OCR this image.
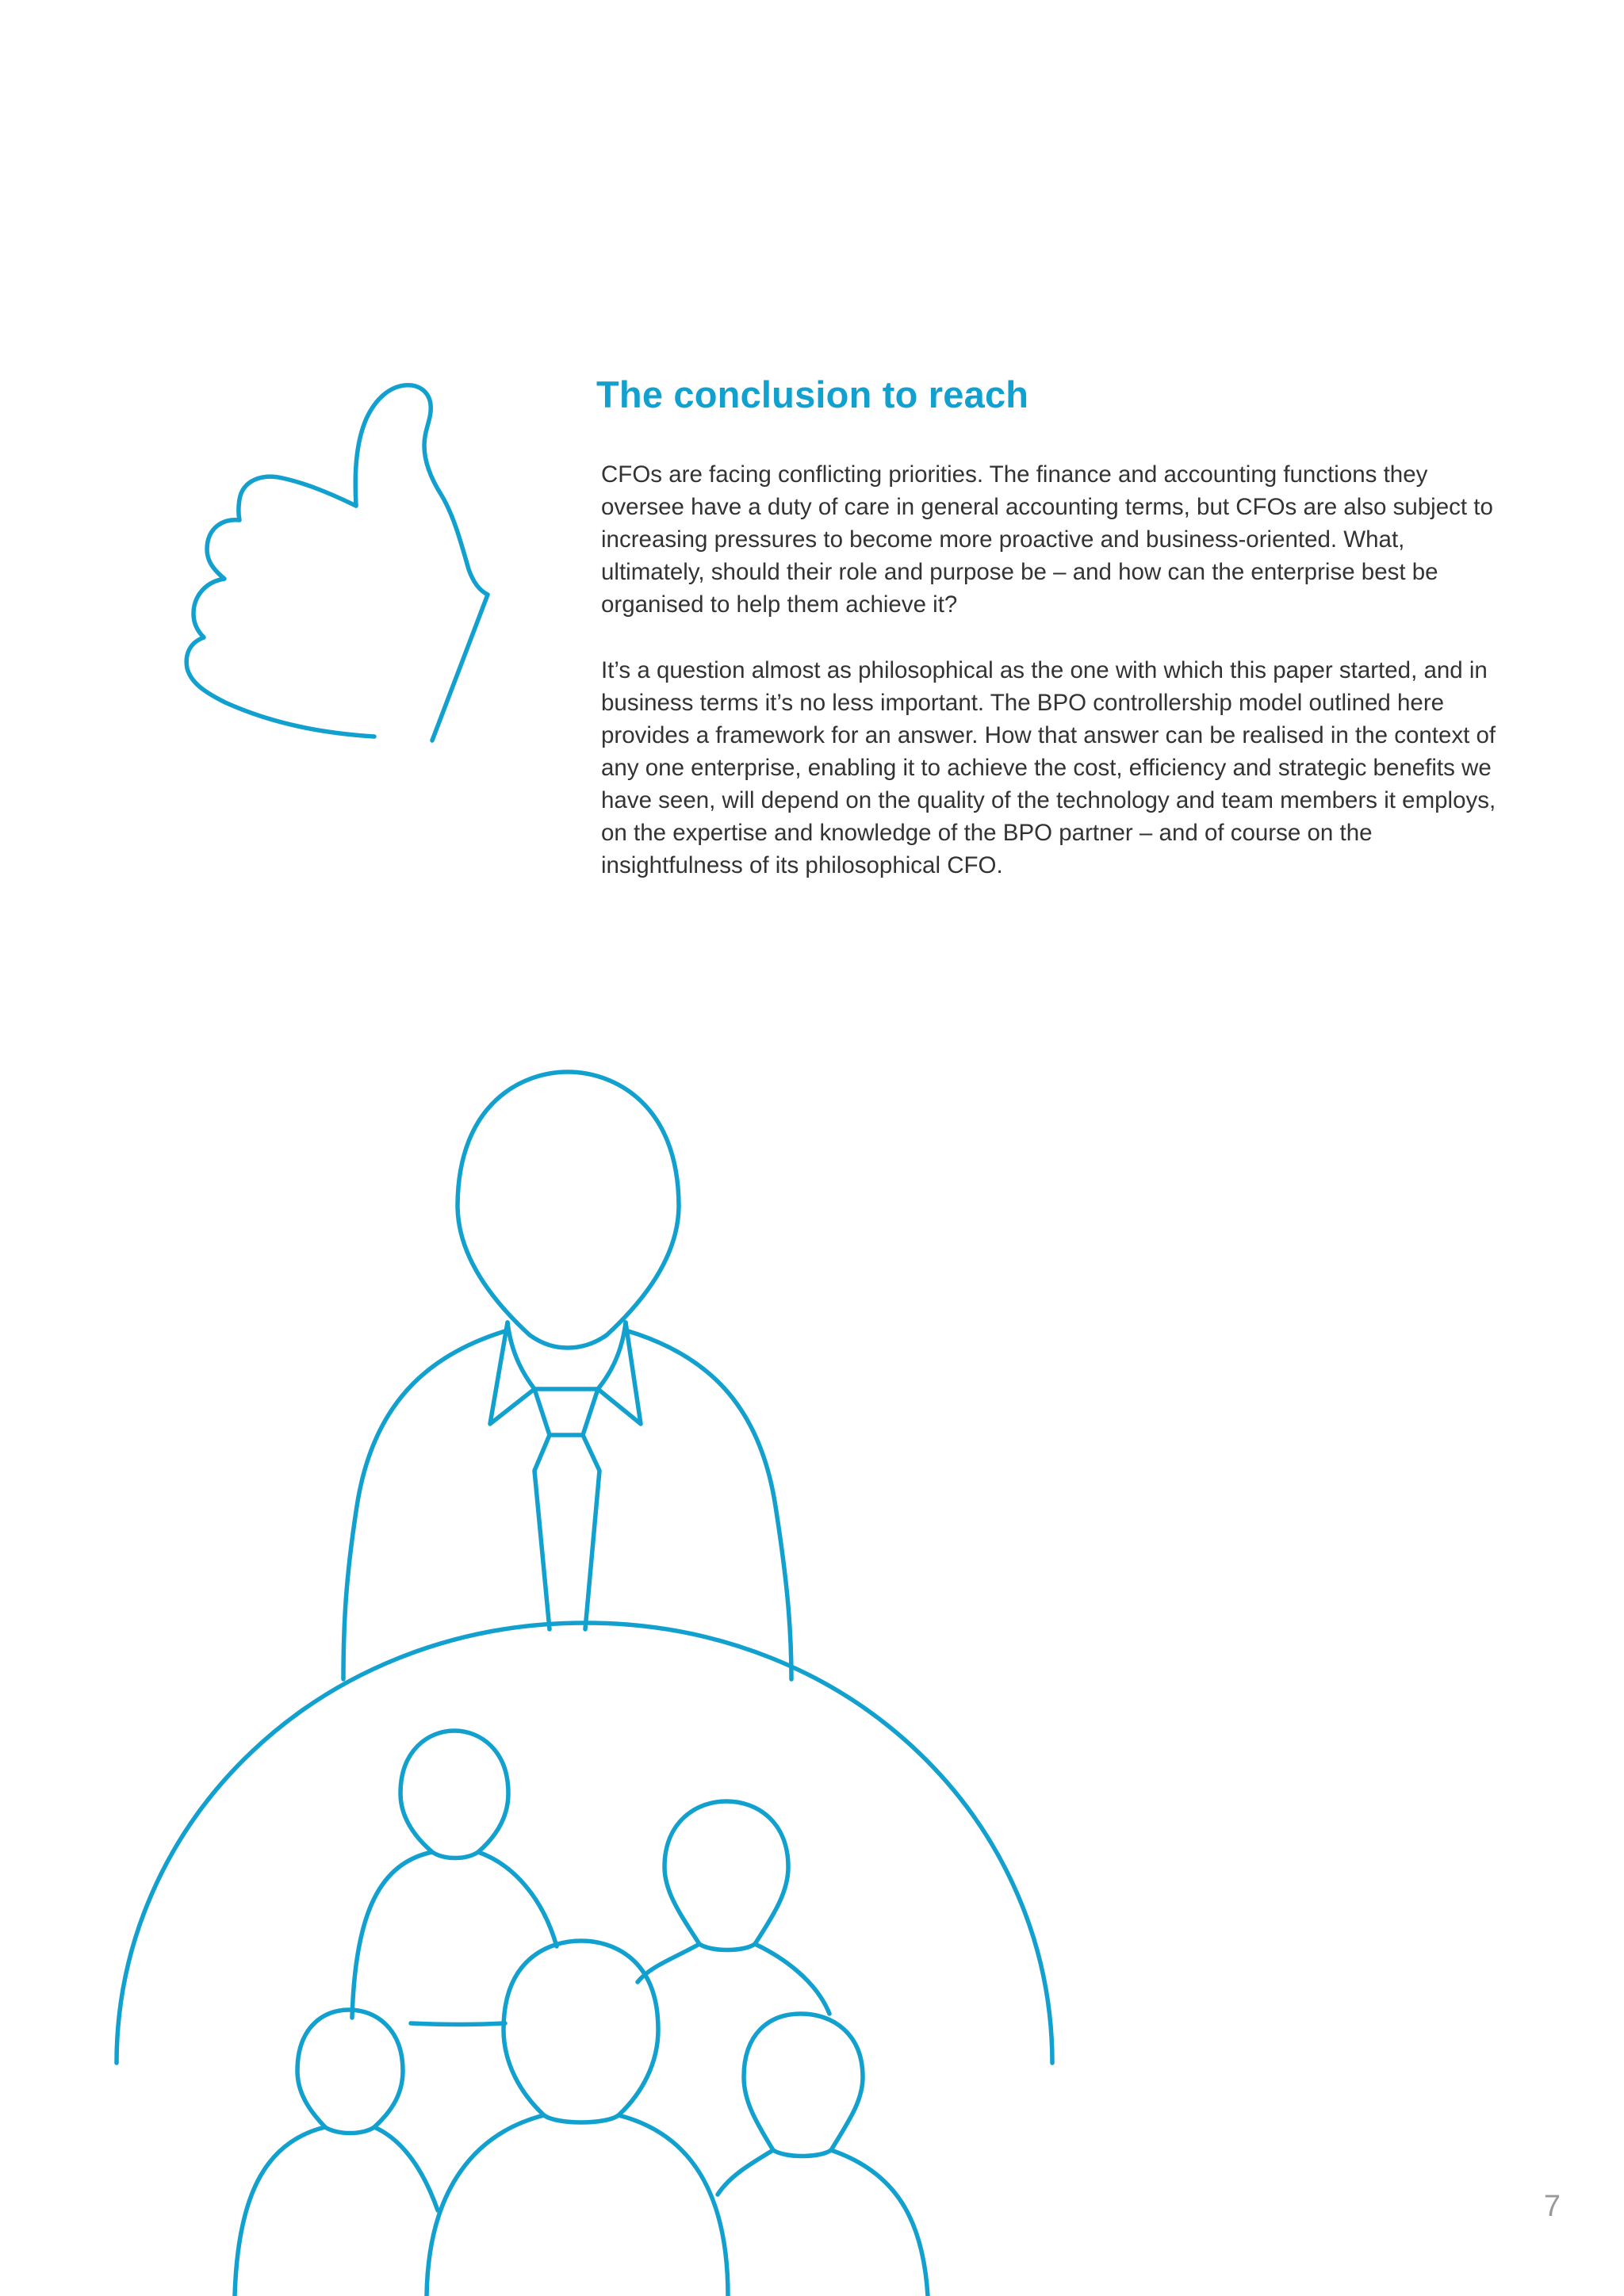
The conclusion to reach

CFOs are facing conflicting priorities. The finance and accounting functions they oversee have a duty of care in general accounting terms, but CFOs are also subject to increasing pressures to become more proactive and business-oriented. What, ultimately, should their role and purpose be – and how can the enterprise best be organised to help them achieve it?

It’s a question almost as philosophical as the one with which this paper started, and in business terms it’s no less important. The BPO controllership model outlined here provides a framework for an answer. How that answer can be realised in the context of any one enterprise, enabling it to achieve the cost, efficiency and strategic benefits we have seen, will depend on the quality of the technology and team members it employs, on the expertise and knowledge of the BPO partner – and of course on the insightfulness of its philosophical CFO.

7
